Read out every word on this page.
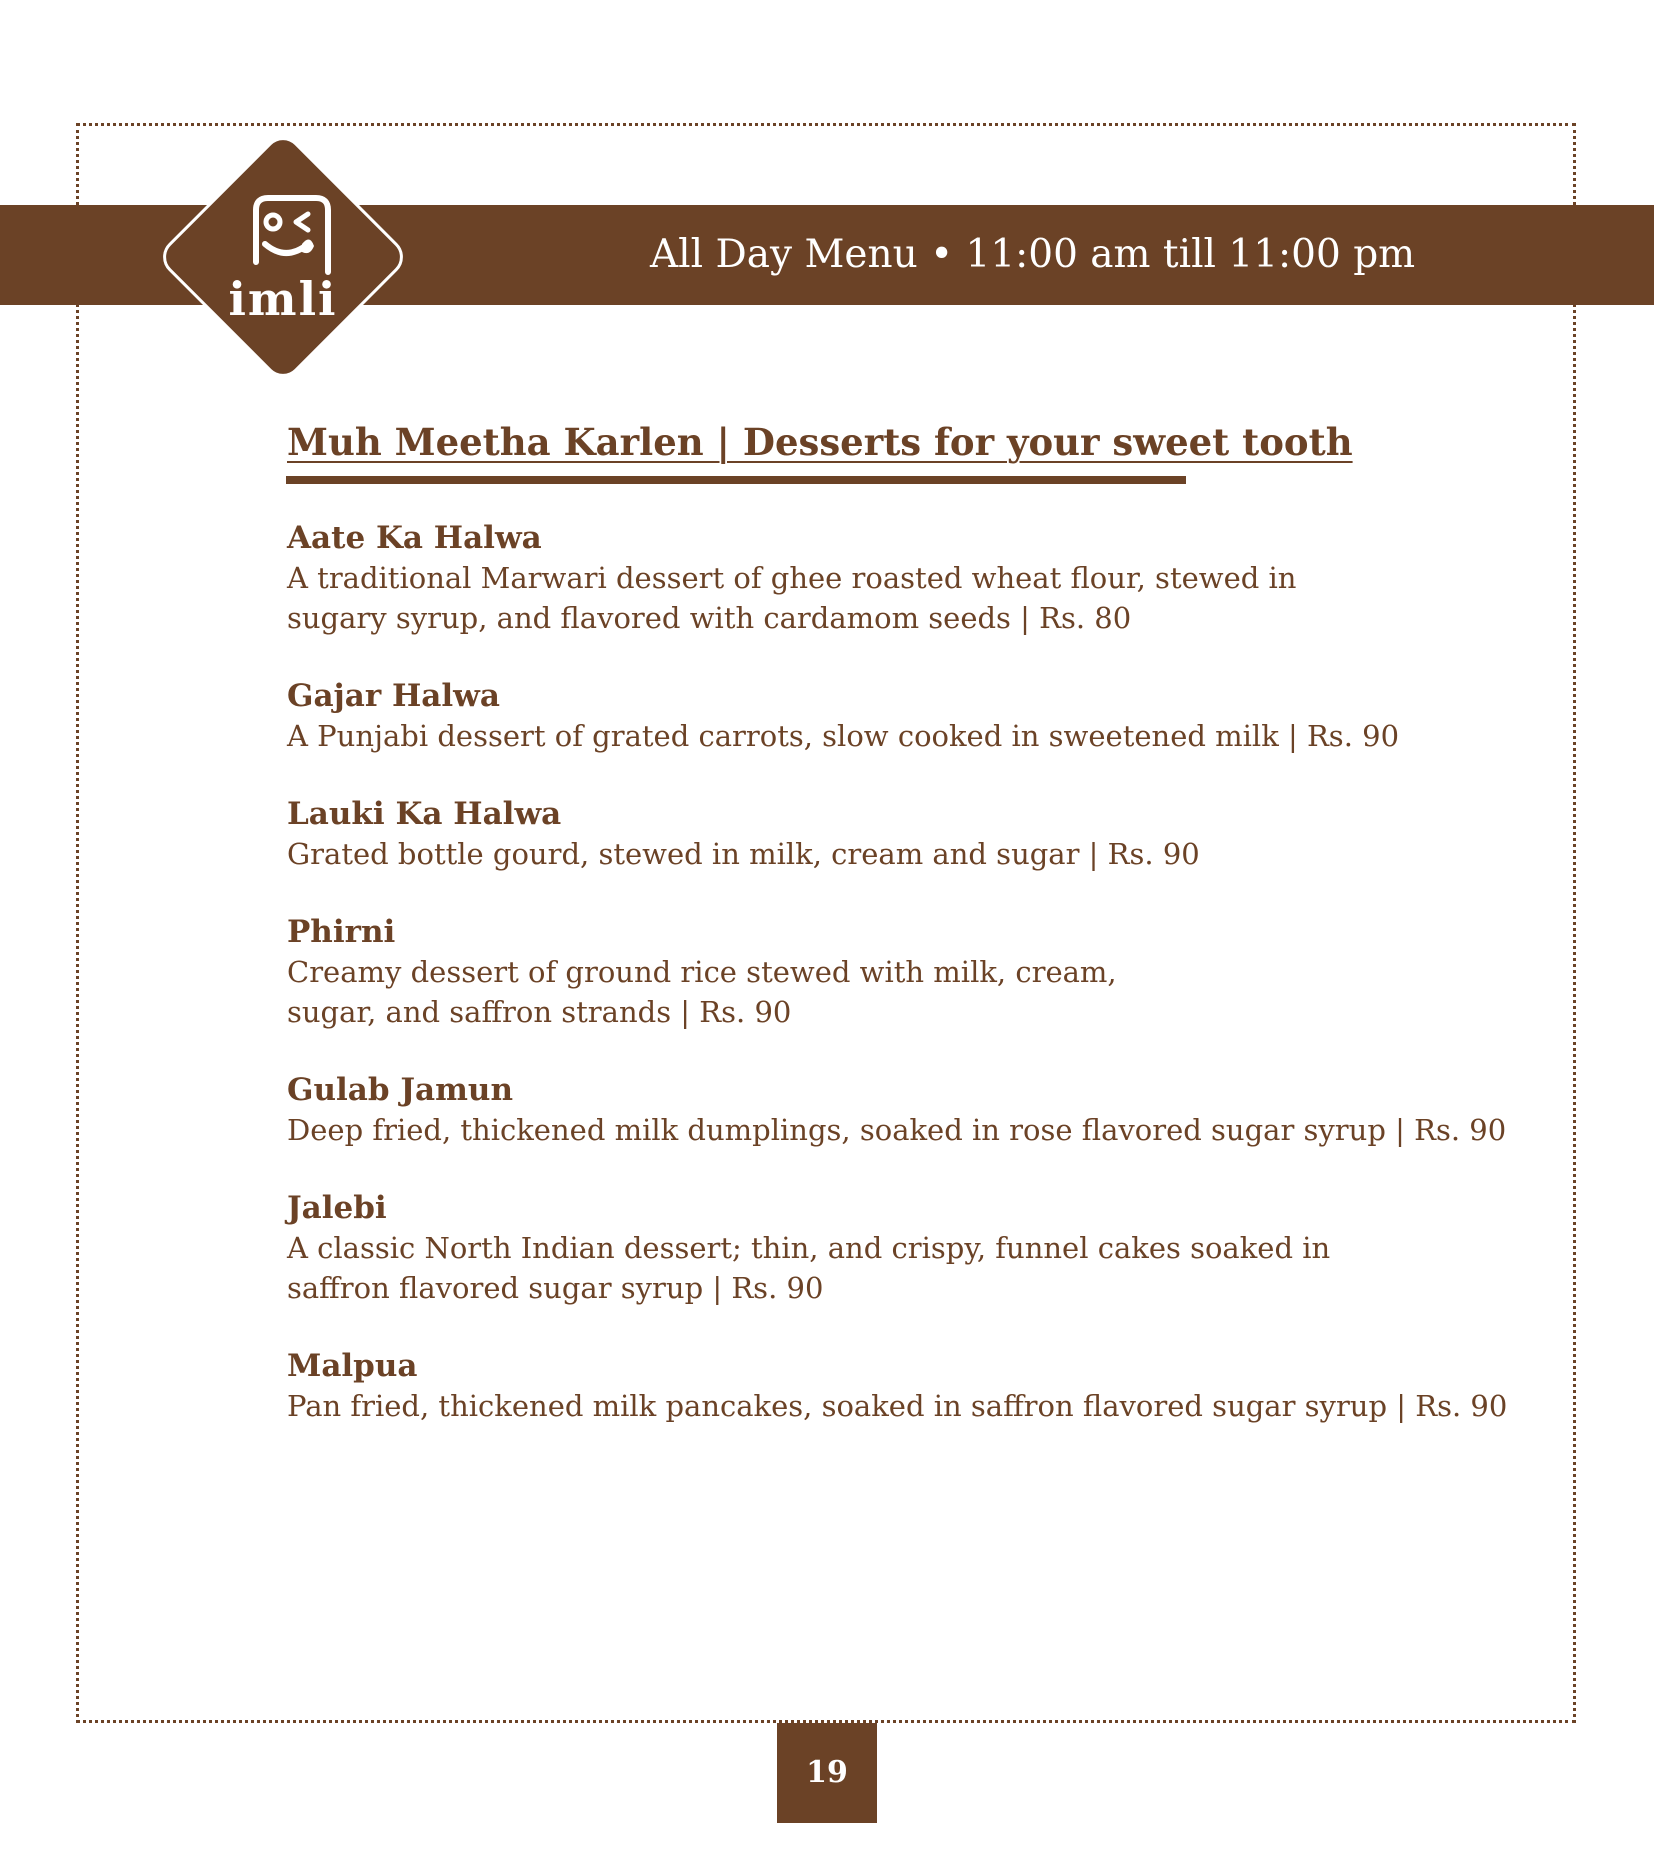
imli
All Day Menu • 11:00 am till 11:00 pm
Muh Meetha Karlen | Desserts for your sweet tooth
Aate Ka Halwa
A traditional Marwari dessert of ghee roasted wheat flour, stewed in
sugary syrup, and flavored with cardamom seeds | Rs. 80
Gajar Halwa
A Punjabi dessert of grated carrots, slow cooked in sweetened milk | Rs. 90
Lauki Ka Halwa
Grated bottle gourd, stewed in milk, cream and sugar | Rs. 90
Phirni
Creamy dessert of ground rice stewed with milk, cream,
sugar, and saffron strands | Rs. 90
Gulab Jamun
Deep fried, thickened milk dumplings, soaked in rose flavored sugar syrup | Rs. 90
Jalebi
A classic North Indian dessert; thin, and crispy, funnel cakes soaked in
saffron flavored sugar syrup | Rs. 90
Malpua
Pan fried, thickened milk pancakes, soaked in saffron flavored sugar syrup | Rs. 90
19
